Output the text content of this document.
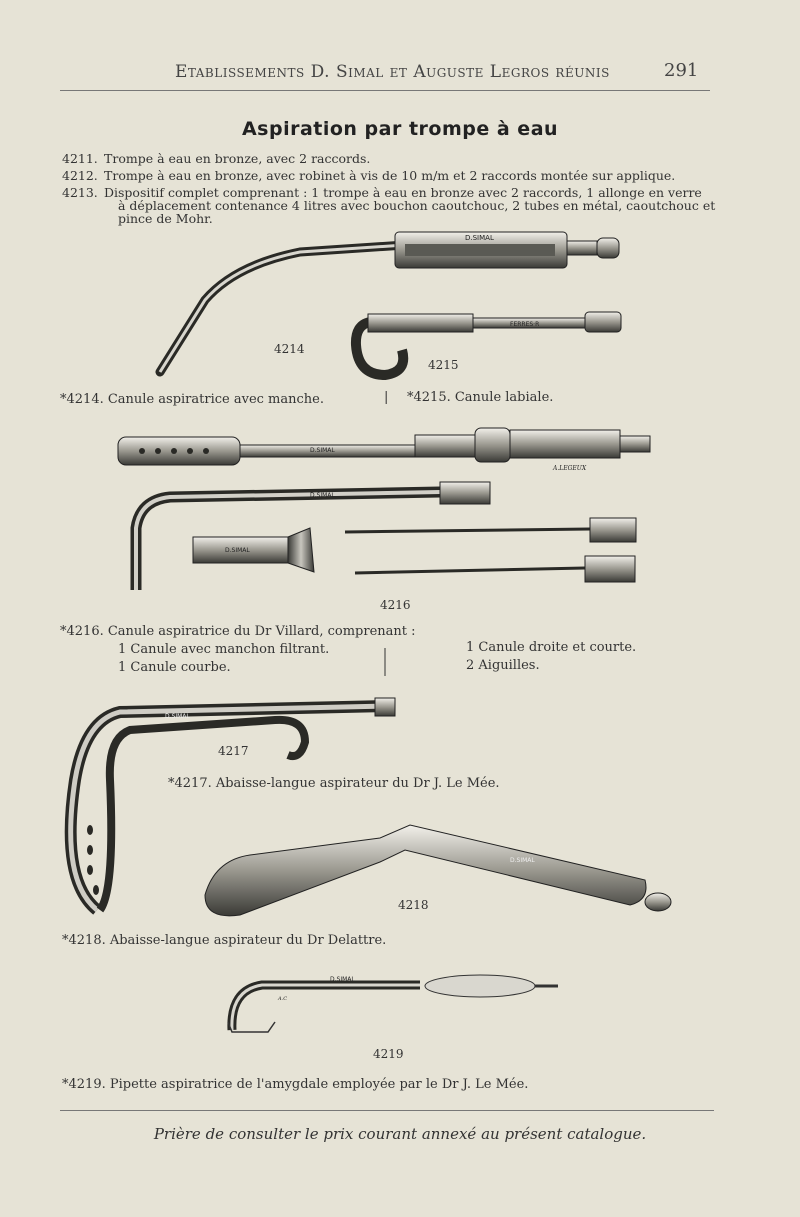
Etablissements D. Simal et Auguste Legros réunis	291
Aspiration par trompe à eau
4211. Trompe à eau en bronze, avec 2 raccords.
4212. Trompe à eau en bronze, avec robinet à vis de 10 m/m et 2 raccords montée sur applique.
4213. Dispositif complet comprenant : 1 trompe à eau en bronze avec 2 raccords, 1 allonge en verre
à déplacement contenance 4 litres avec bouchon caoutchouc, 2 tubes en métal, caoutchouc et
pince de Mohr.
D.SIMAL
FERRES·R
D.SIMAL
A.LEGEUX
D.SIMAL
D.SIMAL
D.SIMAL
D.SIMAL
D.SIMAL
A.C
4214
4215
4216
4217
4218
4219
*4214. Canule aspiratrice avec manche.	| *4215. Canule labiale.
*4216. Canule aspiratrice du Dr Villard, comprenant :
1 Canule avec manchon filtrant.
1 Canule courbe.
1 Canule droite et courte.
2 Aiguilles.
*4217. Abaisse-langue aspirateur du Dr J. Le Mée.
*4218. Abaisse-langue aspirateur du Dr Delattre.
*4219. Pipette aspiratrice de l'amygdale employée par le Dr J. Le Mée.
Prière de consulter le prix courant annexé au présent catalogue.
